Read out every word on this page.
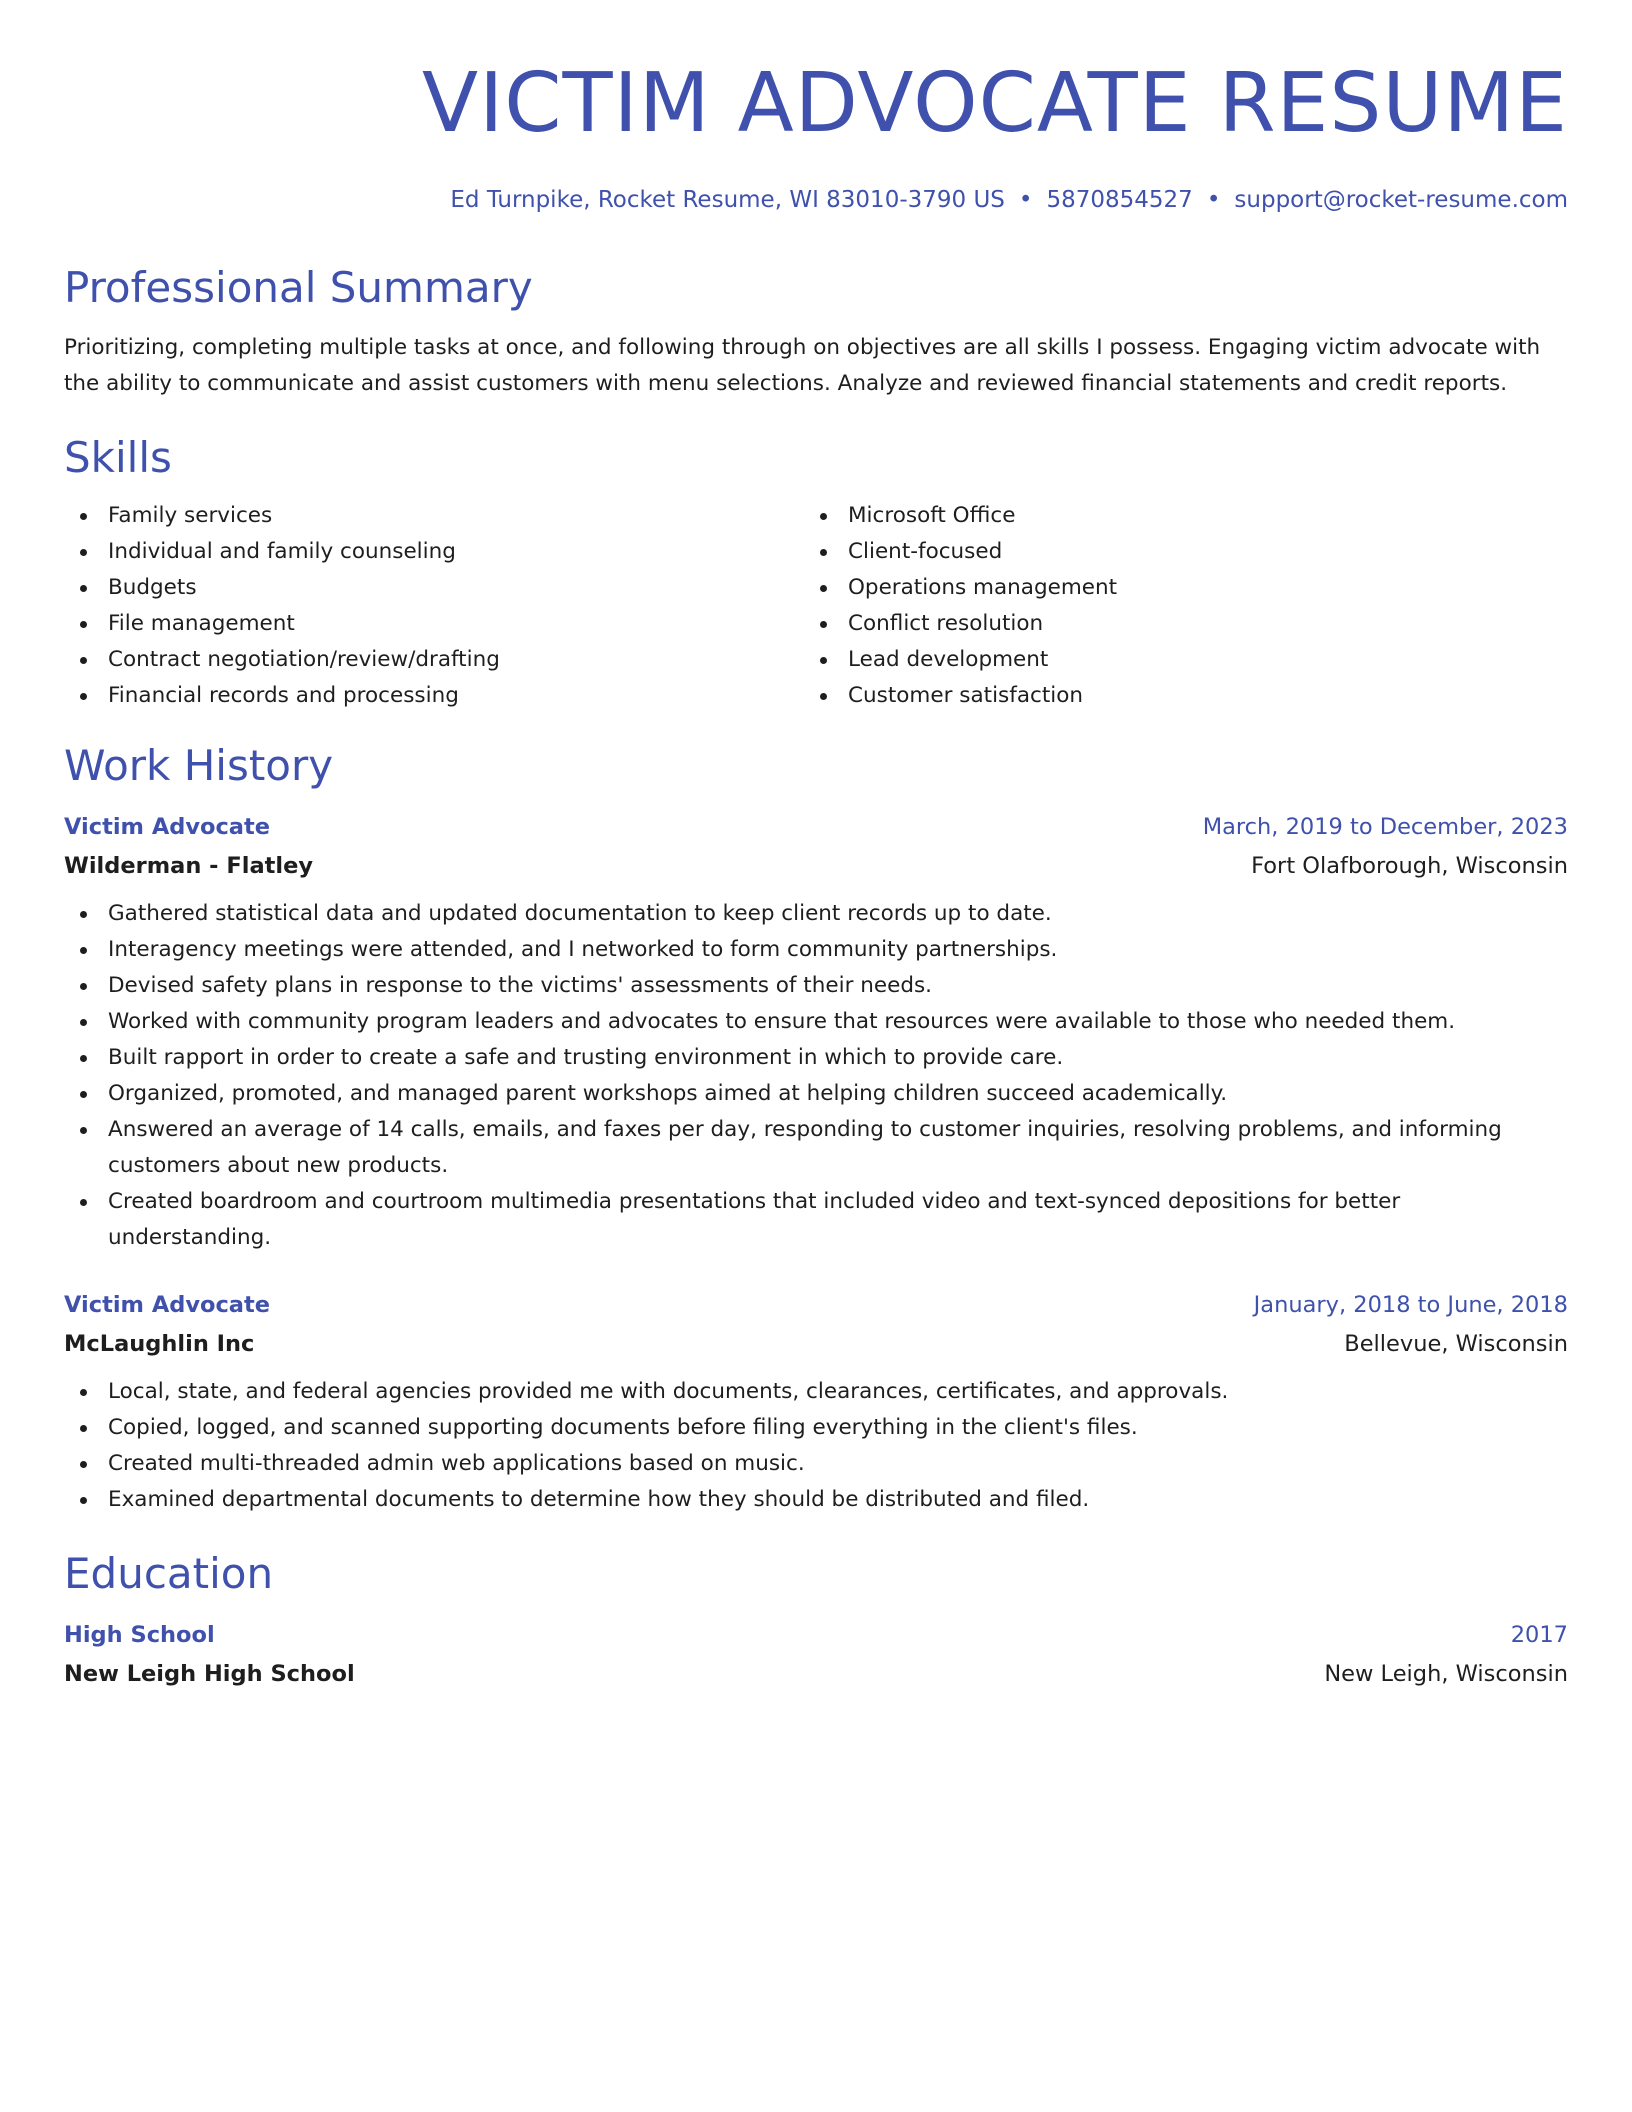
VICTIM ADVOCATE RESUME
Ed Turnpike, Rocket Resume, WI 83010-3790 US • 5870854527 • support@rocket-resume.com
Professional Summary

Prioritizing, completing multiple tasks at once, and following through on objectives are all skills I possess. Engaging victim advocate with the ability to communicate and assist customers with menu selections. Analyze and reviewed financial statements and credit reports.

Skills
Family services
Individual and family counseling
Budgets
File management
Contract negotiation/review/drafting
Financial records and processing
Microsoft Office
Client-focused
Operations management
Conflict resolution
Lead development
Customer satisfaction
Work History
Victim Advocate	March, 2019 to December, 2023
Wilderman - Flatley	Fort Olafborough, Wisconsin
Gathered statistical data and updated documentation to keep client records up to date.
Interagency meetings were attended, and I networked to form community partnerships.
Devised safety plans in response to the victims' assessments of their needs.
Worked with community program leaders and advocates to ensure that resources were available to those who needed them.
Built rapport in order to create a safe and trusting environment in which to provide care.
Organized, promoted, and managed parent workshops aimed at helping children succeed academically.
Answered an average of 14 calls, emails, and faxes per day, responding to customer inquiries, resolving problems, and informing customers about new products.
Created boardroom and courtroom multimedia presentations that included video and text-synced depositions for better understanding.
Victim Advocate	January, 2018 to June, 2018
McLaughlin Inc	Bellevue, Wisconsin
Local, state, and federal agencies provided me with documents, clearances, certificates, and approvals.
Copied, logged, and scanned supporting documents before filing everything in the client's files.
Created multi-threaded admin web applications based on music.
Examined departmental documents to determine how they should be distributed and filed.
Education
High School	2017
New Leigh High School	New Leigh, Wisconsin
